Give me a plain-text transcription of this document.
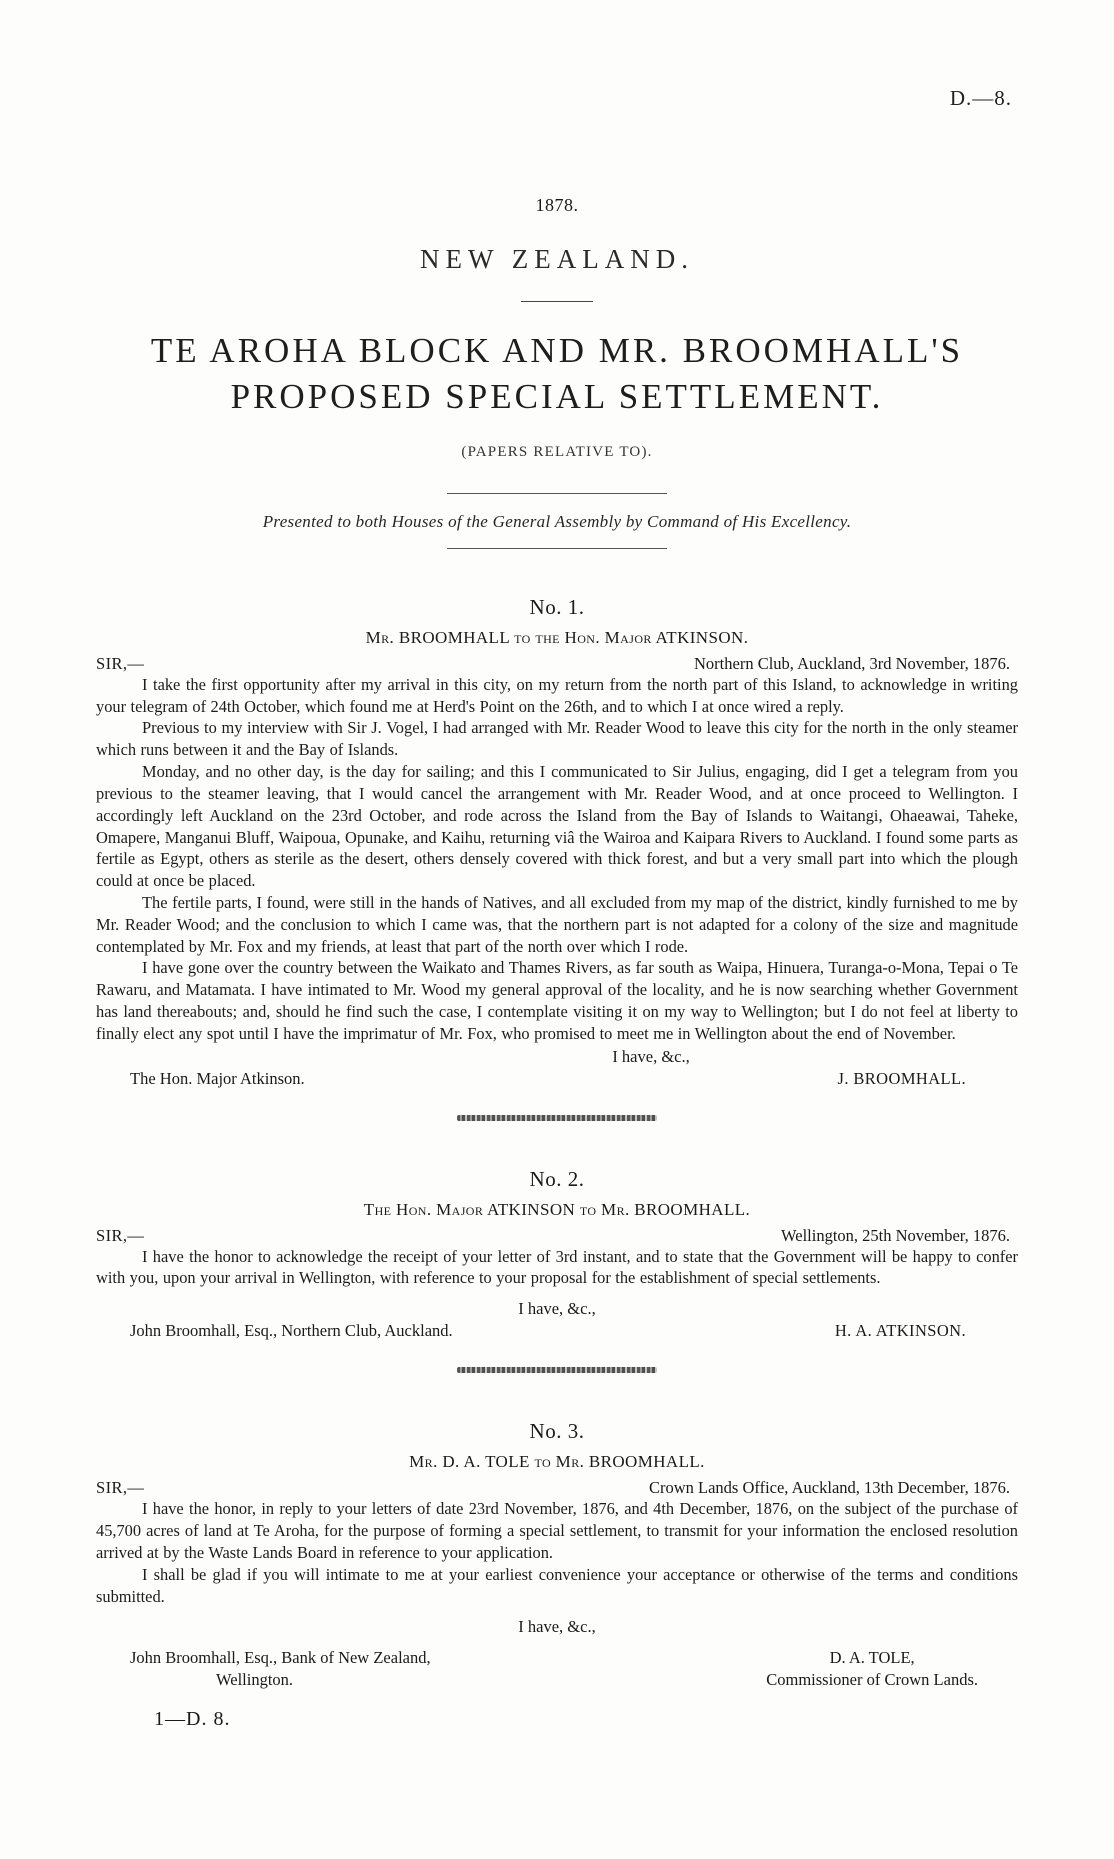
D.—8.
1878.
NEW ZEALAND.
TE AROHA BLOCK AND MR. BROOMHALL'S PROPOSED SPECIAL SETTLEMENT.
(PAPERS RELATIVE TO).
Presented to both Houses of the General Assembly by Command of His Excellency.
No. 1.
Mr. BROOMHALL to the Hon. Major ATKINSON.
SIR,—	Northern Club, Auckland, 3rd November, 1876.

I take the first opportunity after my arrival in this city, on my return from the north part of this Island, to acknowledge in writing your telegram of 24th October, which found me at Herd's Point on the 26th, and to which I at once wired a reply.

Previous to my interview with Sir J. Vogel, I had arranged with Mr. Reader Wood to leave this city for the north in the only steamer which runs between it and the Bay of Islands.

Monday, and no other day, is the day for sailing; and this I communicated to Sir Julius, engaging, did I get a telegram from you previous to the steamer leaving, that I would cancel the arrangement with Mr. Reader Wood, and at once proceed to Wellington. I accordingly left Auckland on the 23rd October, and rode across the Island from the Bay of Islands to Waitangi, Ohaeawai, Taheke, Omapere, Manganui Bluff, Waipoua, Opunake, and Kaihu, returning viâ the Wairoa and Kaipara Rivers to Auckland. I found some parts as fertile as Egypt, others as sterile as the desert, others densely covered with thick forest, and but a very small part into which the plough could at once be placed.

The fertile parts, I found, were still in the hands of Natives, and all excluded from my map of the district, kindly furnished to me by Mr. Reader Wood; and the conclusion to which I came was, that the northern part is not adapted for a colony of the size and magnitude contemplated by Mr. Fox and my friends, at least that part of the north over which I rode.

I have gone over the country between the Waikato and Thames Rivers, as far south as Waipa, Hinuera, Turanga-o-Mona, Tepai o Te Rawaru, and Matamata. I have intimated to Mr. Wood my general approval of the locality, and he is now searching whether Government has land thereabouts; and, should he find such the case, I contemplate visiting it on my way to Wellington; but I do not feel at liberty to finally elect any spot until I have the imprimatur of Mr. Fox, who promised to meet me in Wellington about the end of November.

I have, &c.,
The Hon. Major Atkinson.	J. BROOMHALL.
No. 2.
The Hon. Major ATKINSON to Mr. BROOMHALL.
SIR,—	Wellington, 25th November, 1876.

I have the honor to acknowledge the receipt of your letter of 3rd instant, and to state that the Government will be happy to confer with you, upon your arrival in Wellington, with reference to your proposal for the establishment of special settlements.

I have, &c.,
John Broomhall, Esq., Northern Club, Auckland.	H. A. ATKINSON.
No. 3.
Mr. D. A. TOLE to Mr. BROOMHALL.
SIR,—	Crown Lands Office, Auckland, 13th December, 1876.

I have the honor, in reply to your letters of date 23rd November, 1876, and 4th December, 1876, on the subject of the purchase of 45,700 acres of land at Te Aroha, for the purpose of forming a special settlement, to transmit for your information the enclosed resolution arrived at by the Waste Lands Board in reference to your application.

I shall be glad if you will intimate to me at your earliest convenience your acceptance or otherwise of the terms and conditions submitted.

I have, &c.,
John Broomhall, Esq., Bank of New Zealand,
Wellington.
D. A. TOLE,
Commissioner of Crown Lands.
1—D. 8.
